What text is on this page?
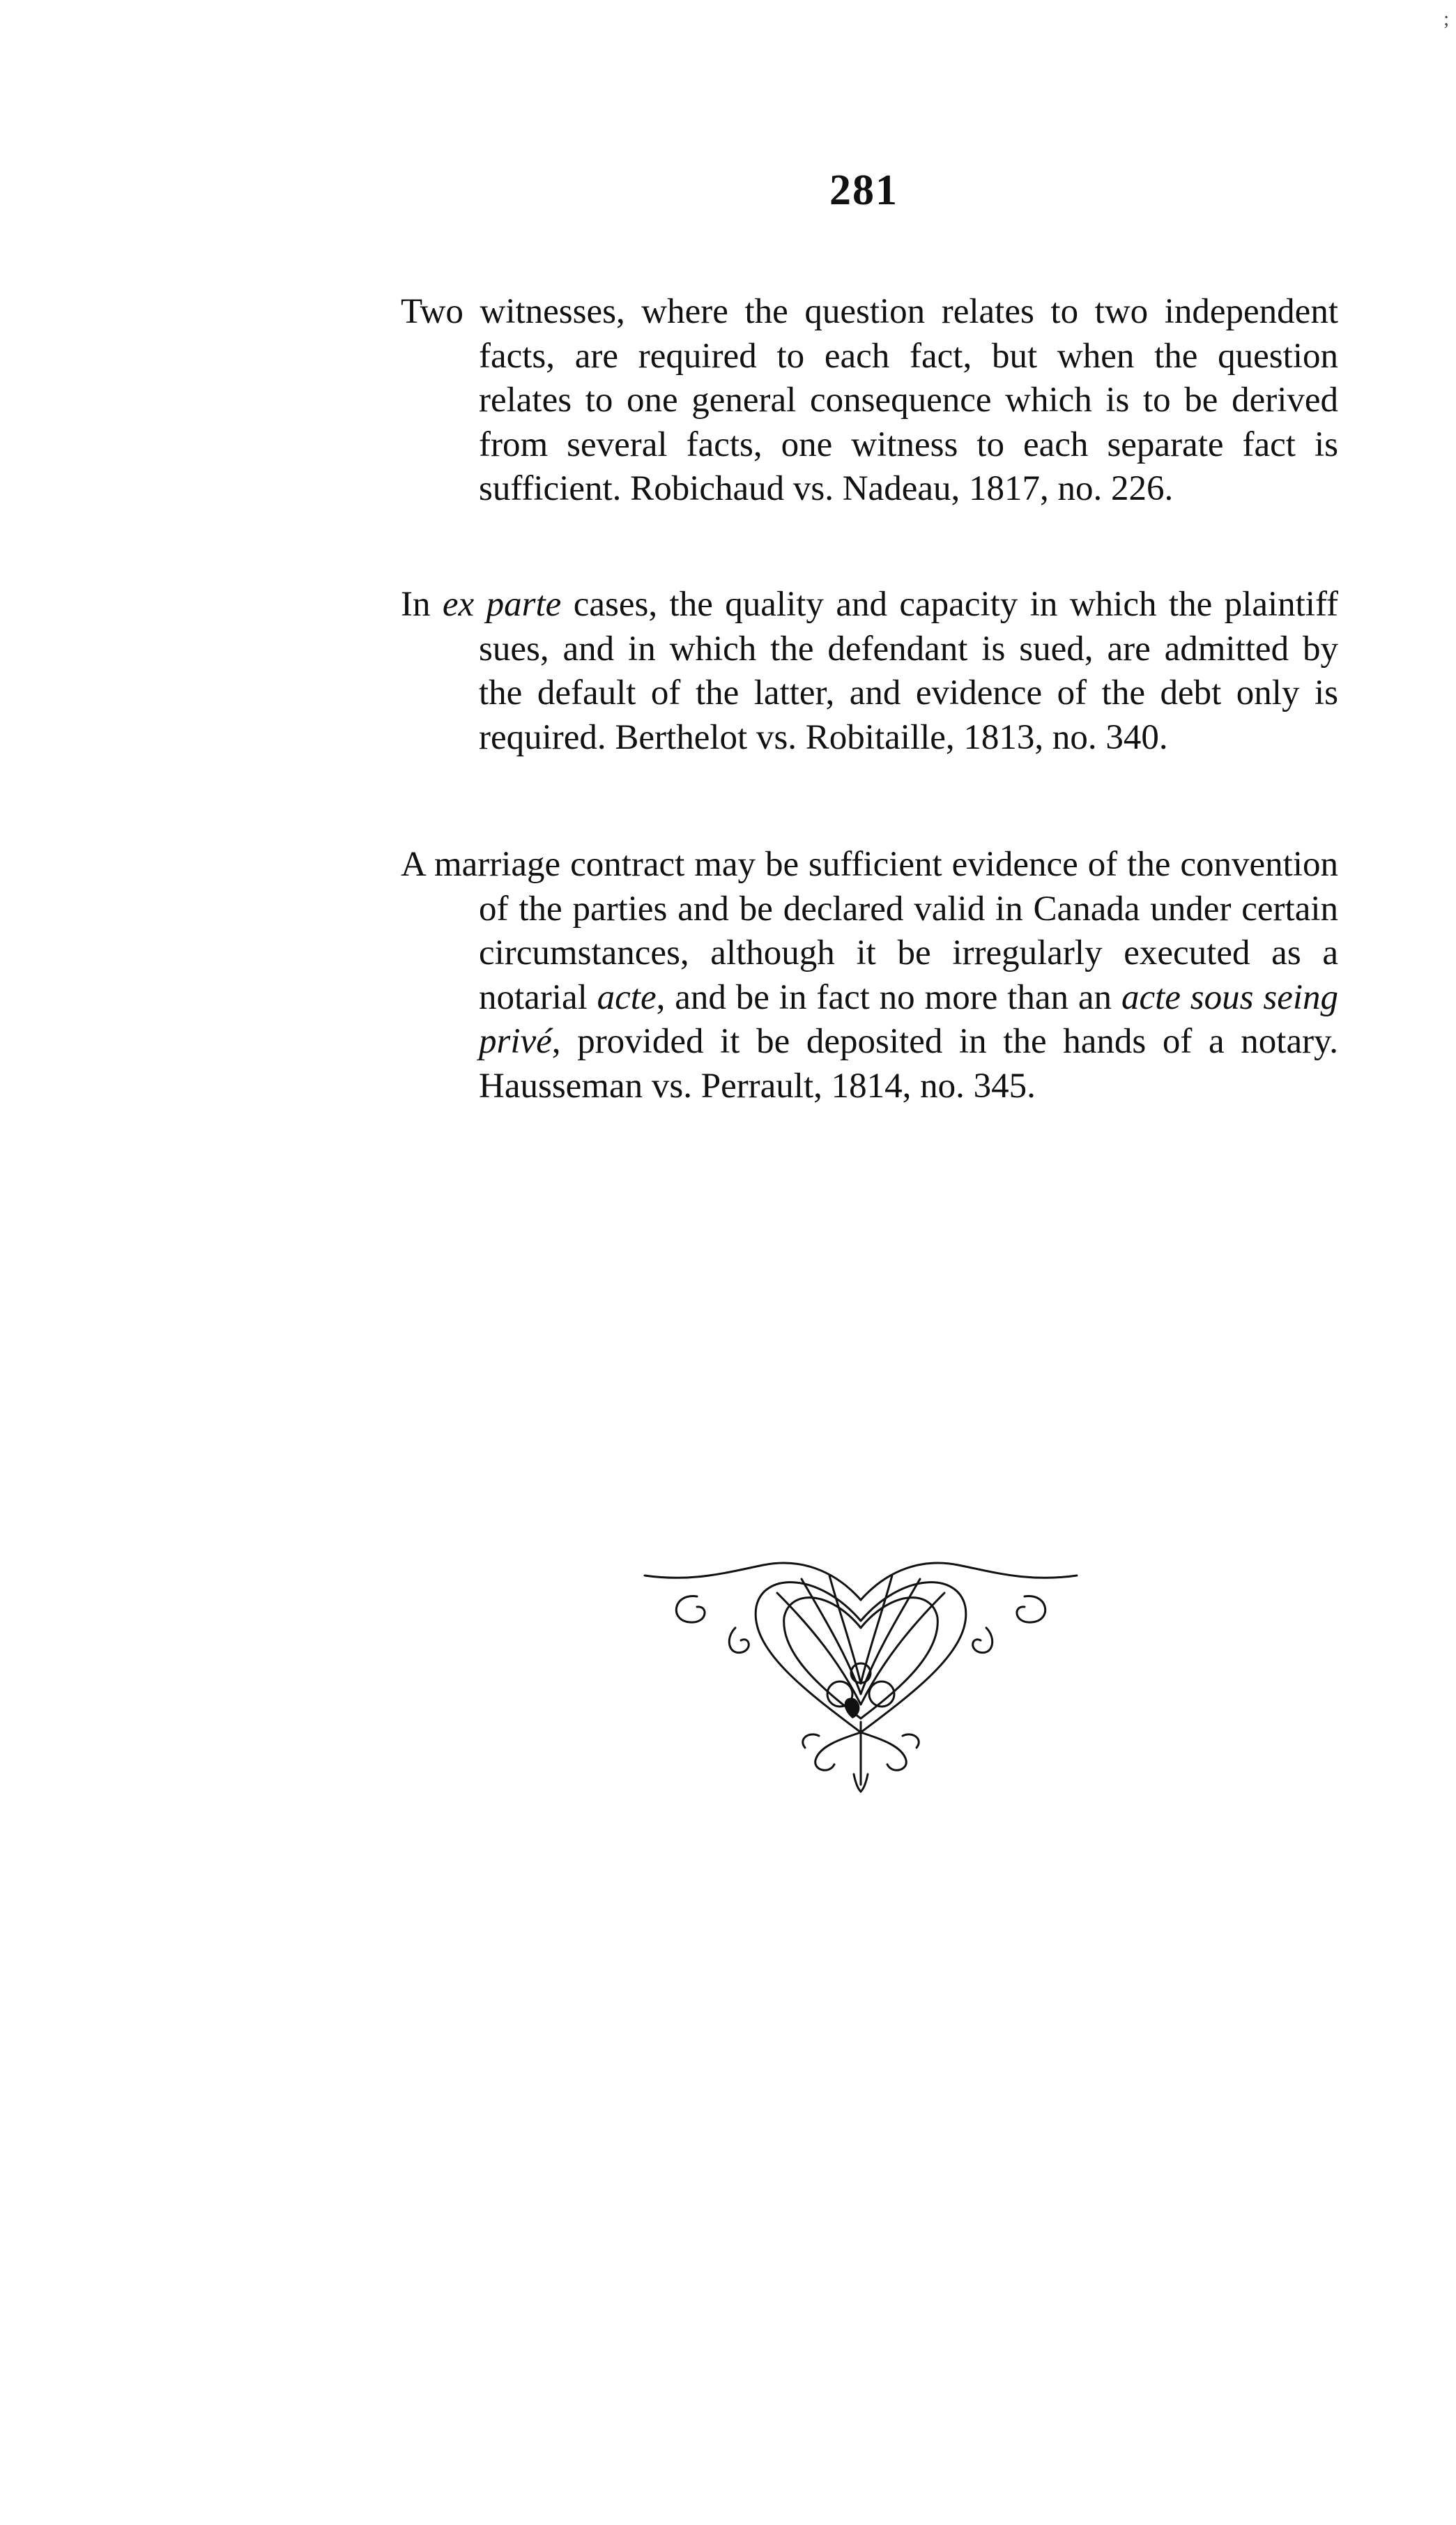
;
281

Two witnesses, where the question relates to two independent facts, are required to each fact, but when the question relates to one general consequence which is to be derived from several facts, one witness to each separate fact is sufficient. Robichaud vs. Nadeau, 1817, no. 226.

In ex parte cases, the quality and capacity in which the plaintiff sues, and in which the defendant is sued, are admitted by the default of the latter, and evidence of the debt only is required. Berthelot vs. Robitaille, 1813, no. 340.

A marriage contract may be sufficient evidence of the convention of the parties and be declared valid in Canada under certain circumstances, although it be irregularly executed as a notarial acte, and be in fact no more than an acte sous seing privé, provided it be deposited in the hands of a notary. Hausseman vs. Perrault, 1814, no. 345.
